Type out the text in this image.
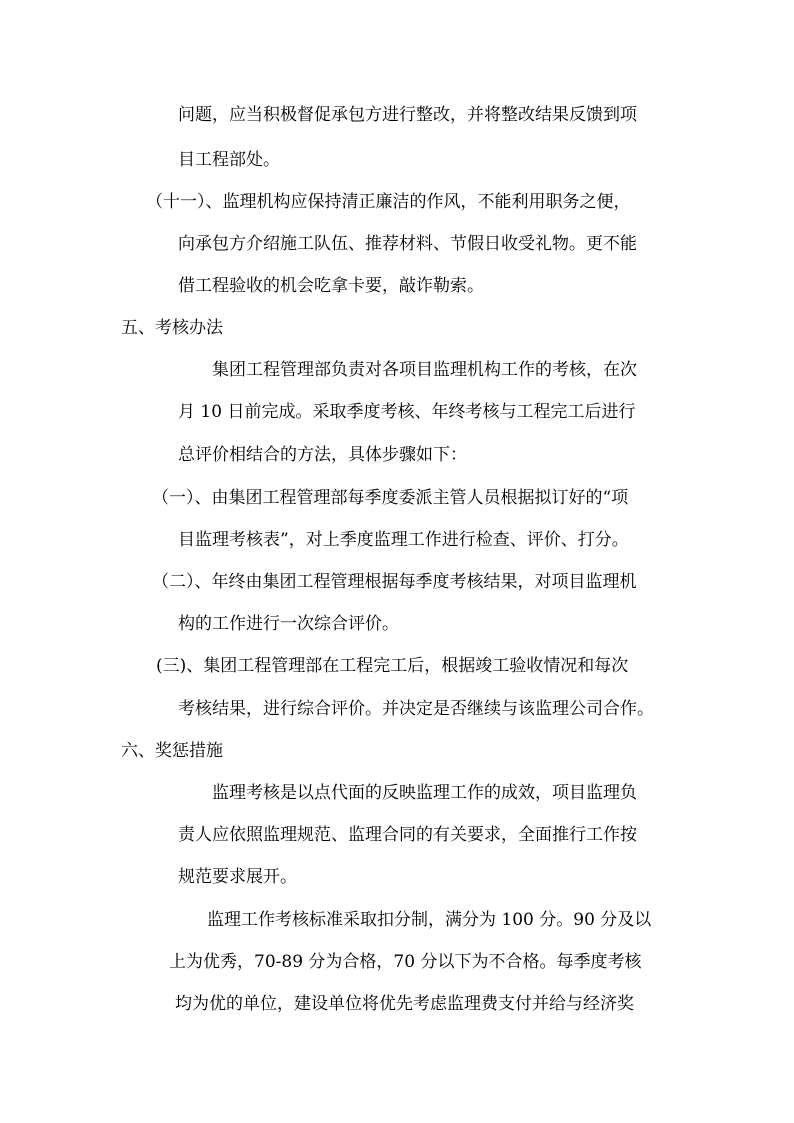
问题，应当积极督促承包方进行整改，并将整改结果反馈到项
目工程部处。
（十一）、监理机构应保持清正廉洁的作风，不能利用职务之便，
向承包方介绍施工队伍、推荐材料、节假日收受礼物。更不能
借工程验收的机会吃拿卡要，敲诈勒索。
五、考核办法
集团工程管理部负责对各项目监理机构工作的考核，在次
月 10 日前完成。采取季度考核、年终考核与工程完工后进行
总评价相结合的方法，具体步骤如下：
（一）、由集团工程管理部每季度委派主管人员根据拟订好的“项
目监理考核表”，对上季度监理工作进行检查、评价、打分。
（二）、年终由集团工程管理根据每季度考核结果，对项目监理机
构的工作进行一次综合评价。
(三)、集团工程管理部在工程完工后，根据竣工验收情况和每次
考核结果，进行综合评价。并决定是否继续与该监理公司合作。
六、奖惩措施
监理考核是以点代面的反映监理工作的成效，项目监理负
责人应依照监理规范、监理合同的有关要求，全面推行工作按
规范要求展开。
监理工作考核标准采取扣分制，满分为 100 分。90 分及以
上为优秀，70-89 分为合格，70 分以下为不合格。每季度考核
均为优的单位，建设单位将优先考虑监理费支付并给与经济奖
